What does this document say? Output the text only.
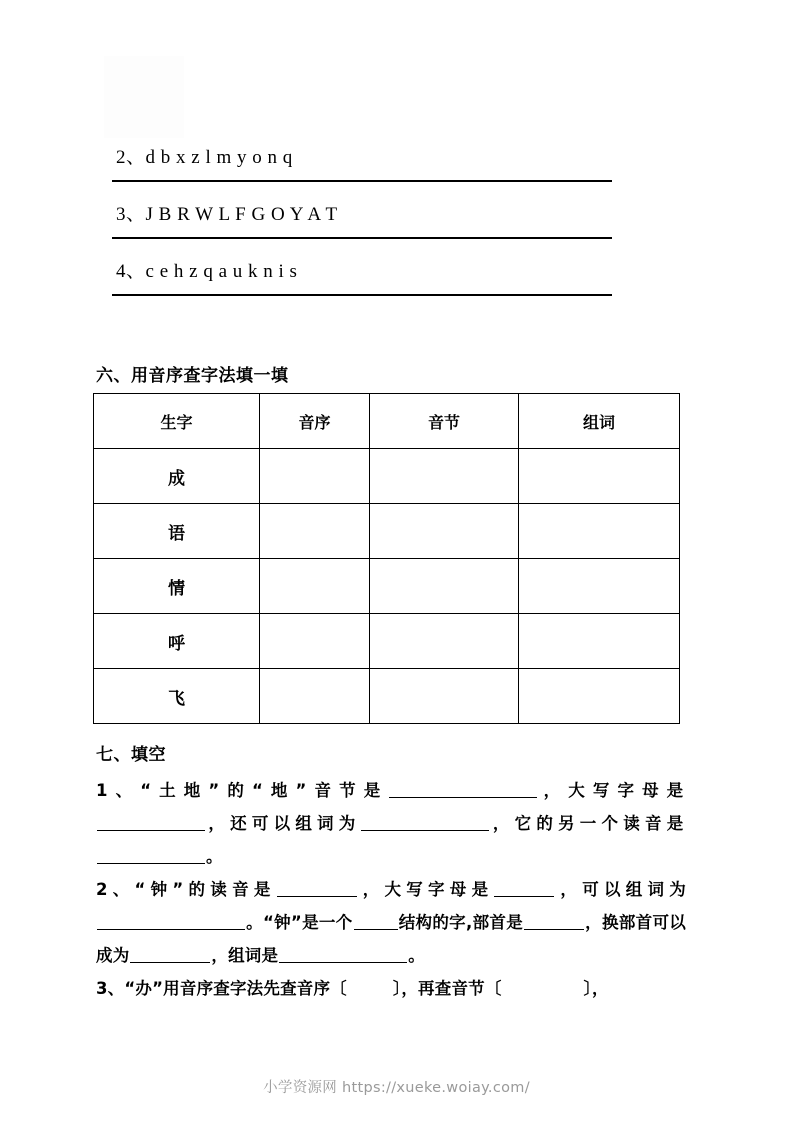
2、d b x z l m y o n q
3、J B R W L F G O Y A T
4、c e h z q a u k n i s
六、用音序查字法填一填
生字	音序	音节	组词
成			
语			
情			
呼			
飞			
七、填空
1、“土地”的“地”音节是	，大写字母是，还可以组词为	，它的另一个读音是。
2、“钟”的读音是	，大写字母是	，可以组词为。“钟”是一个	结构的字,部首是	，换部首可以成为	，组词是	。
3、“办”用音序查字法先查音序〔	〕，再查音节〔	〕，
小学资源网 https://xueke.woiay.com/
